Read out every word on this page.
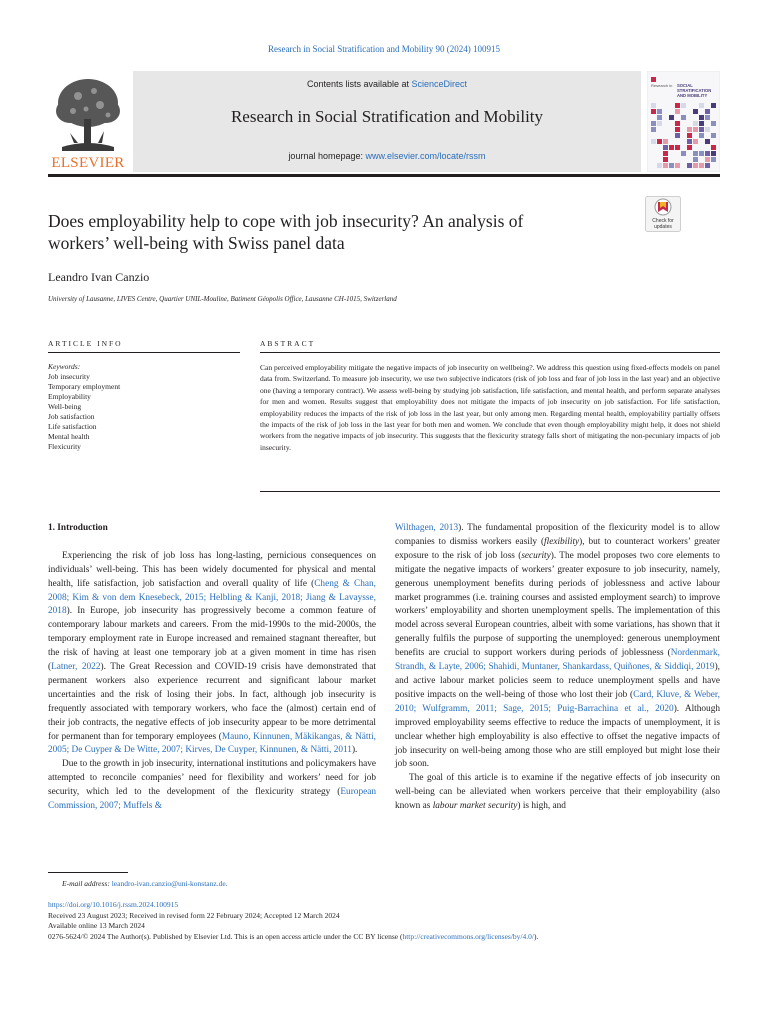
Research in Social Stratification and Mobility 90 (2024) 100915
ELSEVIER
Contents lists available at ScienceDirect
Research in Social Stratification and Mobility
journal homepage: www.elsevier.com/locate/rssm
Research in SOCIAL
STRATIFICATION
AND MOBILITY
Does employability help to cope with job insecurity? An analysis of
workers’ well-being with Swiss panel data
Check for
updates
Leandro Ivan Canzio
University of Lausanne, LIVES Centre, Quartier UNIL-Mouline, Batiment Géopolis Office, Lausanne CH-1015, Switzerland
ARTICLE INFO	ABSTRACT
Keywords:
Job insecurity
Temporary employment
Employability
Well-being
Job satisfaction
Life satisfaction
Mental health
Flexicurity
Can perceived employability mitigate the negative impacts of job insecurity on wellbeing?. We address this question using fixed-effects models on panel data from. Switzerland. To measure job insecurity, we use two subjective indicators (risk of job loss and fear of job loss in the last year) and an objective one (having a temporary contract). We assess well-being by studying job satisfaction, life satisfaction, and mental health, and perform separate analyses for men and women. Results suggest that employability does not mitigate the impacts of job insecurity on job satisfaction. For life satisfaction, employability reduces the impacts of the risk of job loss in the last year, but only among men. Regarding mental health, employability partially offsets the impacts of the risk of job loss in the last year for both men and women. We conclude that even though employability might help, it does not shield workers from the negative impacts of job insecurity. This suggests that the flexicurity strategy falls short of mitigating the non-pecuniary impacts of job insecurity.

1. Introduction

Experiencing the risk of job loss has long-lasting, pernicious consequences on individuals’ well-being. This has been widely documented for physical and mental health, life satisfaction, job satisfaction and overall quality of life (Cheng & Chan, 2008; Kim & von dem Knesebeck, 2015; Helbling & Kanji, 2018; Jiang & Lavaysse, 2018). In Europe, job insecurity has progressively become a common feature of contemporary labour markets and careers. From the mid-1990s to the mid-2000s, the temporary employment rate in Europe increased and remained stagnant thereafter, but the risk of having at least one temporary job at a given moment in time has risen (Latner, 2022). The Great Recession and COVID-19 crisis have demonstrated that permanent workers also experience recurrent and significant labour market uncertainties and the risk of losing their jobs. In fact, although job insecurity is frequently associated with temporary workers, who face the (almost) certain end of their job contracts, the negative effects of job insecurity appear to be more detrimental for permanent than for temporary employees (Mauno, Kinnunen, Mäkikangas, & Nätti, 2005; De Cuyper & De Witte, 2007; Kirves, De Cuyper, Kinnunen, & Nätti, 2011).

Due to the growth in job insecurity, international institutions and policymakers have attempted to reconcile companies’ need for flexibility and workers’ need for job security, which led to the development of the flexicurity strategy (European Commission, 2007; Muffels &

Wilthagen, 2013). The fundamental proposition of the flexicurity model is to allow companies to dismiss workers easily (flexibility), but to counteract workers’ greater exposure to the risk of job loss (security). The model proposes two core elements to mitigate the negative impacts of workers’ greater exposure to job insecurity, namely, generous unemployment benefits during periods of joblessness and active labour market programmes (i.e. training courses and assisted employment search) to improve workers’ employability and shorten unemployment spells. The implementation of this model across several European countries, albeit with some variations, has shown that it generally fulfils the purpose of supporting the unemployed: generous unemployment benefits are crucial to support workers during periods of joblessness (Nordenmark, Strandh, & Layte, 2006; Shahidi, Muntaner, Shankardass, Quiñones, & Siddiqi, 2019), and active labour market policies seem to reduce unemployment spells and have positive impacts on the well-being of those who lost their job (Card, Kluve, & Weber, 2010; Wulfgramm, 2011; Sage, 2015; Puig-Barrachina et al., 2020). Although improved employability seems effective to reduce the impacts of unemployment, it is unclear whether high employability is also effective to offset the negative impacts of job insecurity on well-being among those who are still employed but might lose their job soon.

The goal of this article is to examine if the negative effects of job insecurity on well-being can be alleviated when workers perceive that their employability (also known as labour market security) is high, and

E-mail address: leandro-ivan.canzio@uni-konstanz.de.
https://doi.org/10.1016/j.rssm.2024.100915
Received 23 August 2023; Received in revised form 22 February 2024; Accepted 12 March 2024
Available online 13 March 2024
0276-5624/© 2024 The Author(s). Published by Elsevier Ltd. This is an open access article under the CC BY license (http://creativecommons.org/licenses/by/4.0/).
